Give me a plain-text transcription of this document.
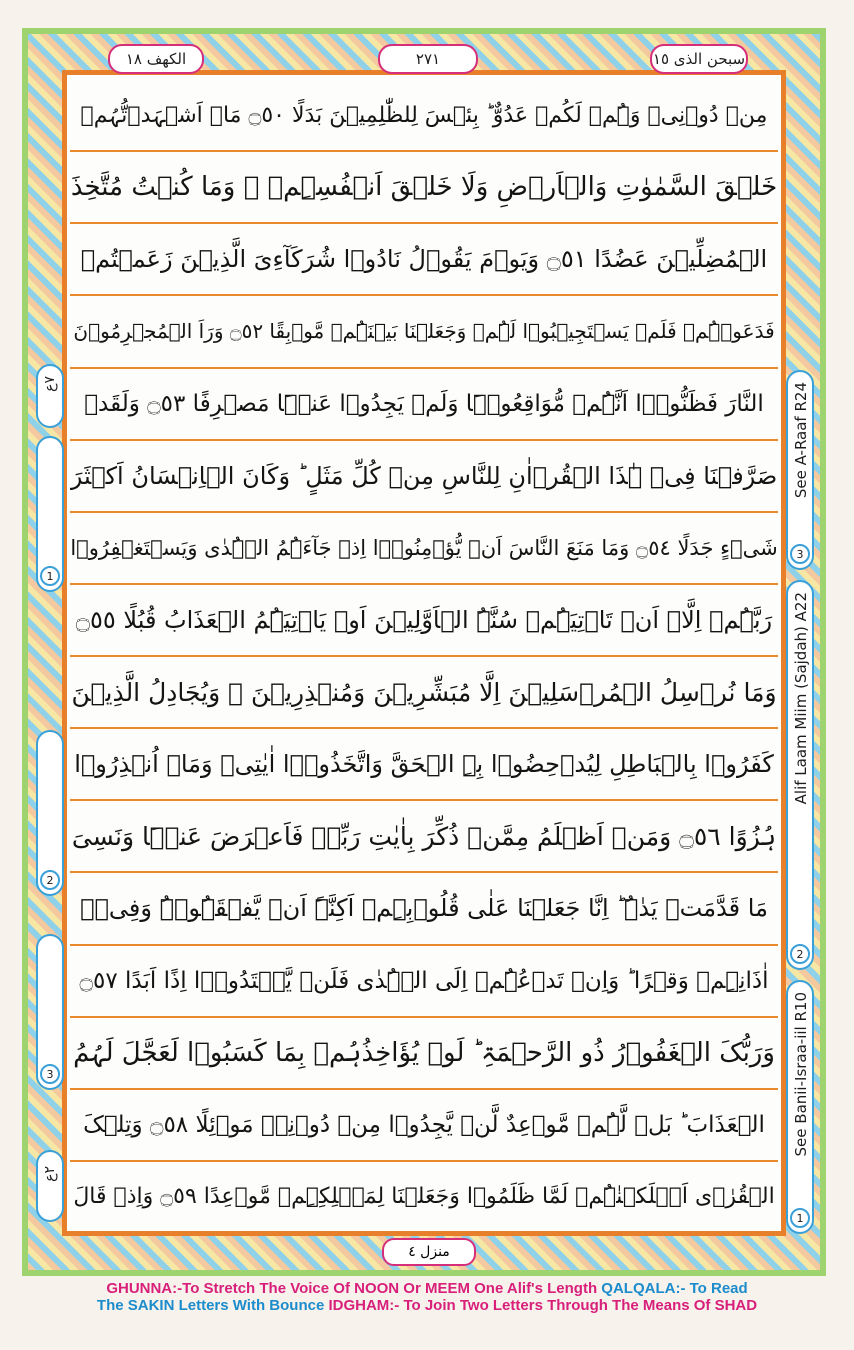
الکھف ١٨	٢٧١	سبحن الذی ١٥
مِنۡ دُوۡنِیۡ وَہُمۡ لَکُمۡ عَدُوٌّ ؕ بِئۡسَ لِلظّٰلِمِیۡنَ بَدَلًا ۝٥٠ مَاۤ اَشۡہَدۡتُّہُمۡ
خَلۡقَ السَّمٰوٰتِ وَالۡاَرۡضِ وَلَا خَلۡقَ اَنۡفُسِہِمۡ ۪ وَمَا کُنۡتُ مُتَّخِذَ
الۡمُضِلِّیۡنَ عَضُدًا ۝٥١ وَیَوۡمَ یَقُوۡلُ نَادُوۡا شُرَکَآءِیَ الَّذِیۡنَ زَعَمۡتُمۡ
فَدَعَوۡہُمۡ فَلَمۡ یَسۡتَجِیۡبُوۡا لَہُمۡ وَجَعَلۡنَا بَیۡنَہُمۡ مَّوۡبِقًا ۝٥٢ وَرَاَ الۡمُجۡرِمُوۡنَ
النَّارَ فَظَنُّوۡۤا اَنَّہُمۡ مُّوَاقِعُوۡہَا وَلَمۡ یَجِدُوۡا عَنۡہَا مَصۡرِفًا ۝٥٣ وَلَقَدۡ
صَرَّفۡنَا فِیۡ ہٰذَا الۡقُرۡاٰنِ لِلنَّاسِ مِنۡ کُلِّ مَثَلٍ ؕ وَکَانَ الۡاِنۡسَانُ اَکۡثَرَ
شَیۡءٍ جَدَلًا ۝٥٤ وَمَا مَنَعَ النَّاسَ اَنۡ یُّؤۡمِنُوۡۤا اِذۡ جَآءَہُمُ الۡہُدٰی وَیَسۡتَغۡفِرُوۡا
رَبَّہُمۡ اِلَّاۤ اَنۡ تَاۡتِیَہُمۡ سُنَّۃُ الۡاَوَّلِیۡنَ اَوۡ یَاۡتِیَہُمُ الۡعَذَابُ قُبُلًا ۝٥٥
وَمَا نُرۡسِلُ الۡمُرۡسَلِیۡنَ اِلَّا مُبَشِّرِیۡنَ وَمُنۡذِرِیۡنَ ۚ وَیُجَادِلُ الَّذِیۡنَ
کَفَرُوۡا بِالۡبَاطِلِ لِیُدۡحِضُوۡا بِہِ الۡحَقَّ وَاتَّخَذُوۡۤا اٰیٰتِیۡ وَمَاۤ اُنۡذِرُوۡا
ہُزُوًا ۝٥٦ وَمَنۡ اَظۡلَمُ مِمَّنۡ ذُکِّرَ بِاٰیٰتِ رَبِّہٖ فَاَعۡرَضَ عَنۡہَا وَنَسِیَ
مَا قَدَّمَتۡ یَدٰہُ ؕ اِنَّا جَعَلۡنَا عَلٰی قُلُوۡبِہِمۡ اَکِنَّۃً اَنۡ یَّفۡقَہُوۡہُ وَفِیۡۤ
اٰذَانِہِمۡ وَقۡرًا ؕ وَاِنۡ تَدۡعُہُمۡ اِلَی الۡہُدٰی فَلَنۡ یَّہۡتَدُوۡۤا اِذًا اَبَدًا ۝٥٧
وَرَبُّکَ الۡغَفُوۡرُ ذُو الرَّحۡمَۃِ ؕ لَوۡ یُؤَاخِذُہُمۡ بِمَا کَسَبُوۡا لَعَجَّلَ لَہُمُ
الۡعَذَابَ ؕ بَلۡ لَّہُمۡ مَّوۡعِدٌ لَّنۡ یَّجِدُوۡا مِنۡ دُوۡنِہٖ مَوۡئِلًا ۝٥٨ وَتِلۡکَ
الۡقُرٰۤی اَہۡلَکۡنٰہُمۡ لَمَّا ظَلَمُوۡا وَجَعَلۡنَا لِمَہۡلِکِہِمۡ مَّوۡعِدًا ۝٥٩ وَاِذۡ قَالَ
٧ع
1
2
3
٢ع
See A-Raaf R24
3
Alif Laam Miim (Sajdah) A22
2
See Banii-Israa-iil R10
1
منزل ٤
GHUNNA:-To Stretch The Voice Of NOON Or MEEM One Alif's Length QALQALA:- To Read
The SAKIN Letters With Bounce IDGHAM:- To Join Two Letters Through The Means Of SHAD
